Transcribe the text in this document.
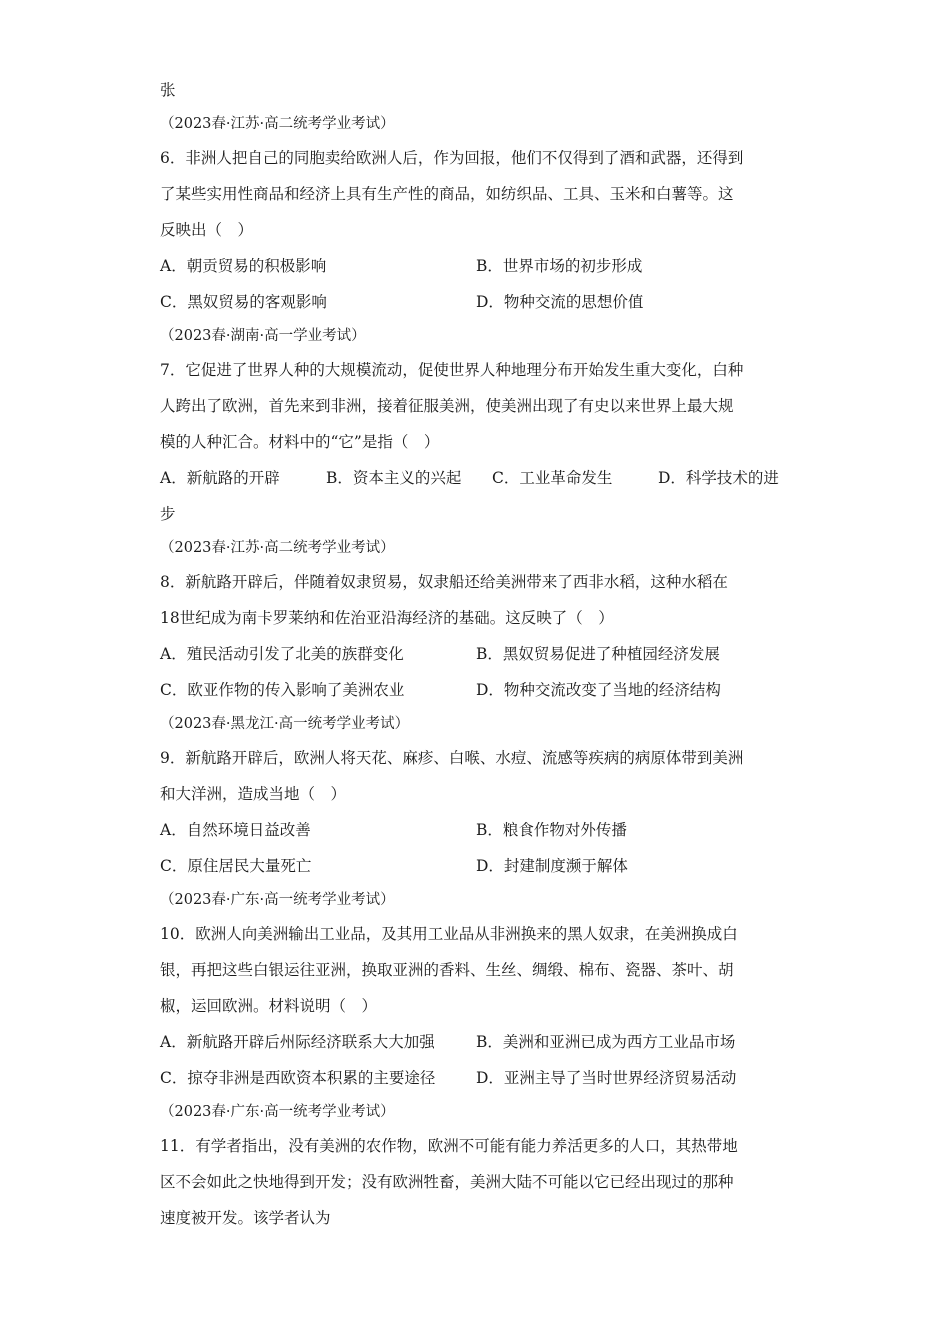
张
（2023春·江苏·高二统考学业考试）
6．非洲人把自己的同胞卖给欧洲人后，作为回报，他们不仅得到了酒和武器，还得到
了某些实用性商品和经济上具有生产性的商品，如纺织品、工具、玉米和白薯等。这
反映出（　）
A．朝贡贸易的积极影响	B．世界市场的初步形成
C．黑奴贸易的客观影响	D．物种交流的思想价值
（2023春·湖南·高一学业考试）
7．它促进了世界人种的大规模流动，促使世界人种地理分布开始发生重大变化，白种
人跨出了欧洲，首先来到非洲，接着征服美洲，使美洲出现了有史以来世界上最大规
模的人种汇合。材料中的“它”是指（　）
A．新航路的开辟	B．资本主义的兴起	C．工业革命发生	D．科学技术的进
步
（2023春·江苏·高二统考学业考试）
8．新航路开辟后，伴随着奴隶贸易，奴隶船还给美洲带来了西非水稻，这种水稻在
18世纪成为南卡罗莱纳和佐治亚沿海经济的基础。这反映了（　）
A．殖民活动引发了北美的族群变化	B．黑奴贸易促进了种植园经济发展
C．欧亚作物的传入影响了美洲农业	D．物种交流改变了当地的经济结构
（2023春·黑龙江·高一统考学业考试）
9．新航路开辟后，欧洲人将天花、麻疹、白喉、水痘、流感等疾病的病原体带到美洲
和大洋洲，造成当地（　）
A．自然环境日益改善	B．粮食作物对外传播
C．原住居民大量死亡	D．封建制度濒于解体
（2023春·广东·高一统考学业考试）
10．欧洲人向美洲输出工业品，及其用工业品从非洲换来的黑人奴隶，在美洲换成白
银，再把这些白银运往亚洲，换取亚洲的香料、生丝、绸缎、棉布、瓷器、茶叶、胡
椒，运回欧洲。材料说明（　）
A．新航路开辟后州际经济联系大大加强	B．美洲和亚洲已成为西方工业品市场
C．掠夺非洲是西欧资本积累的主要途径	D．亚洲主导了当时世界经济贸易活动
（2023春·广东·高一统考学业考试）
11．有学者指出，没有美洲的农作物，欧洲不可能有能力养活更多的人口，其热带地
区不会如此之快地得到开发；没有欧洲牲畜，美洲大陆不可能以它已经出现过的那种
速度被开发。该学者认为
